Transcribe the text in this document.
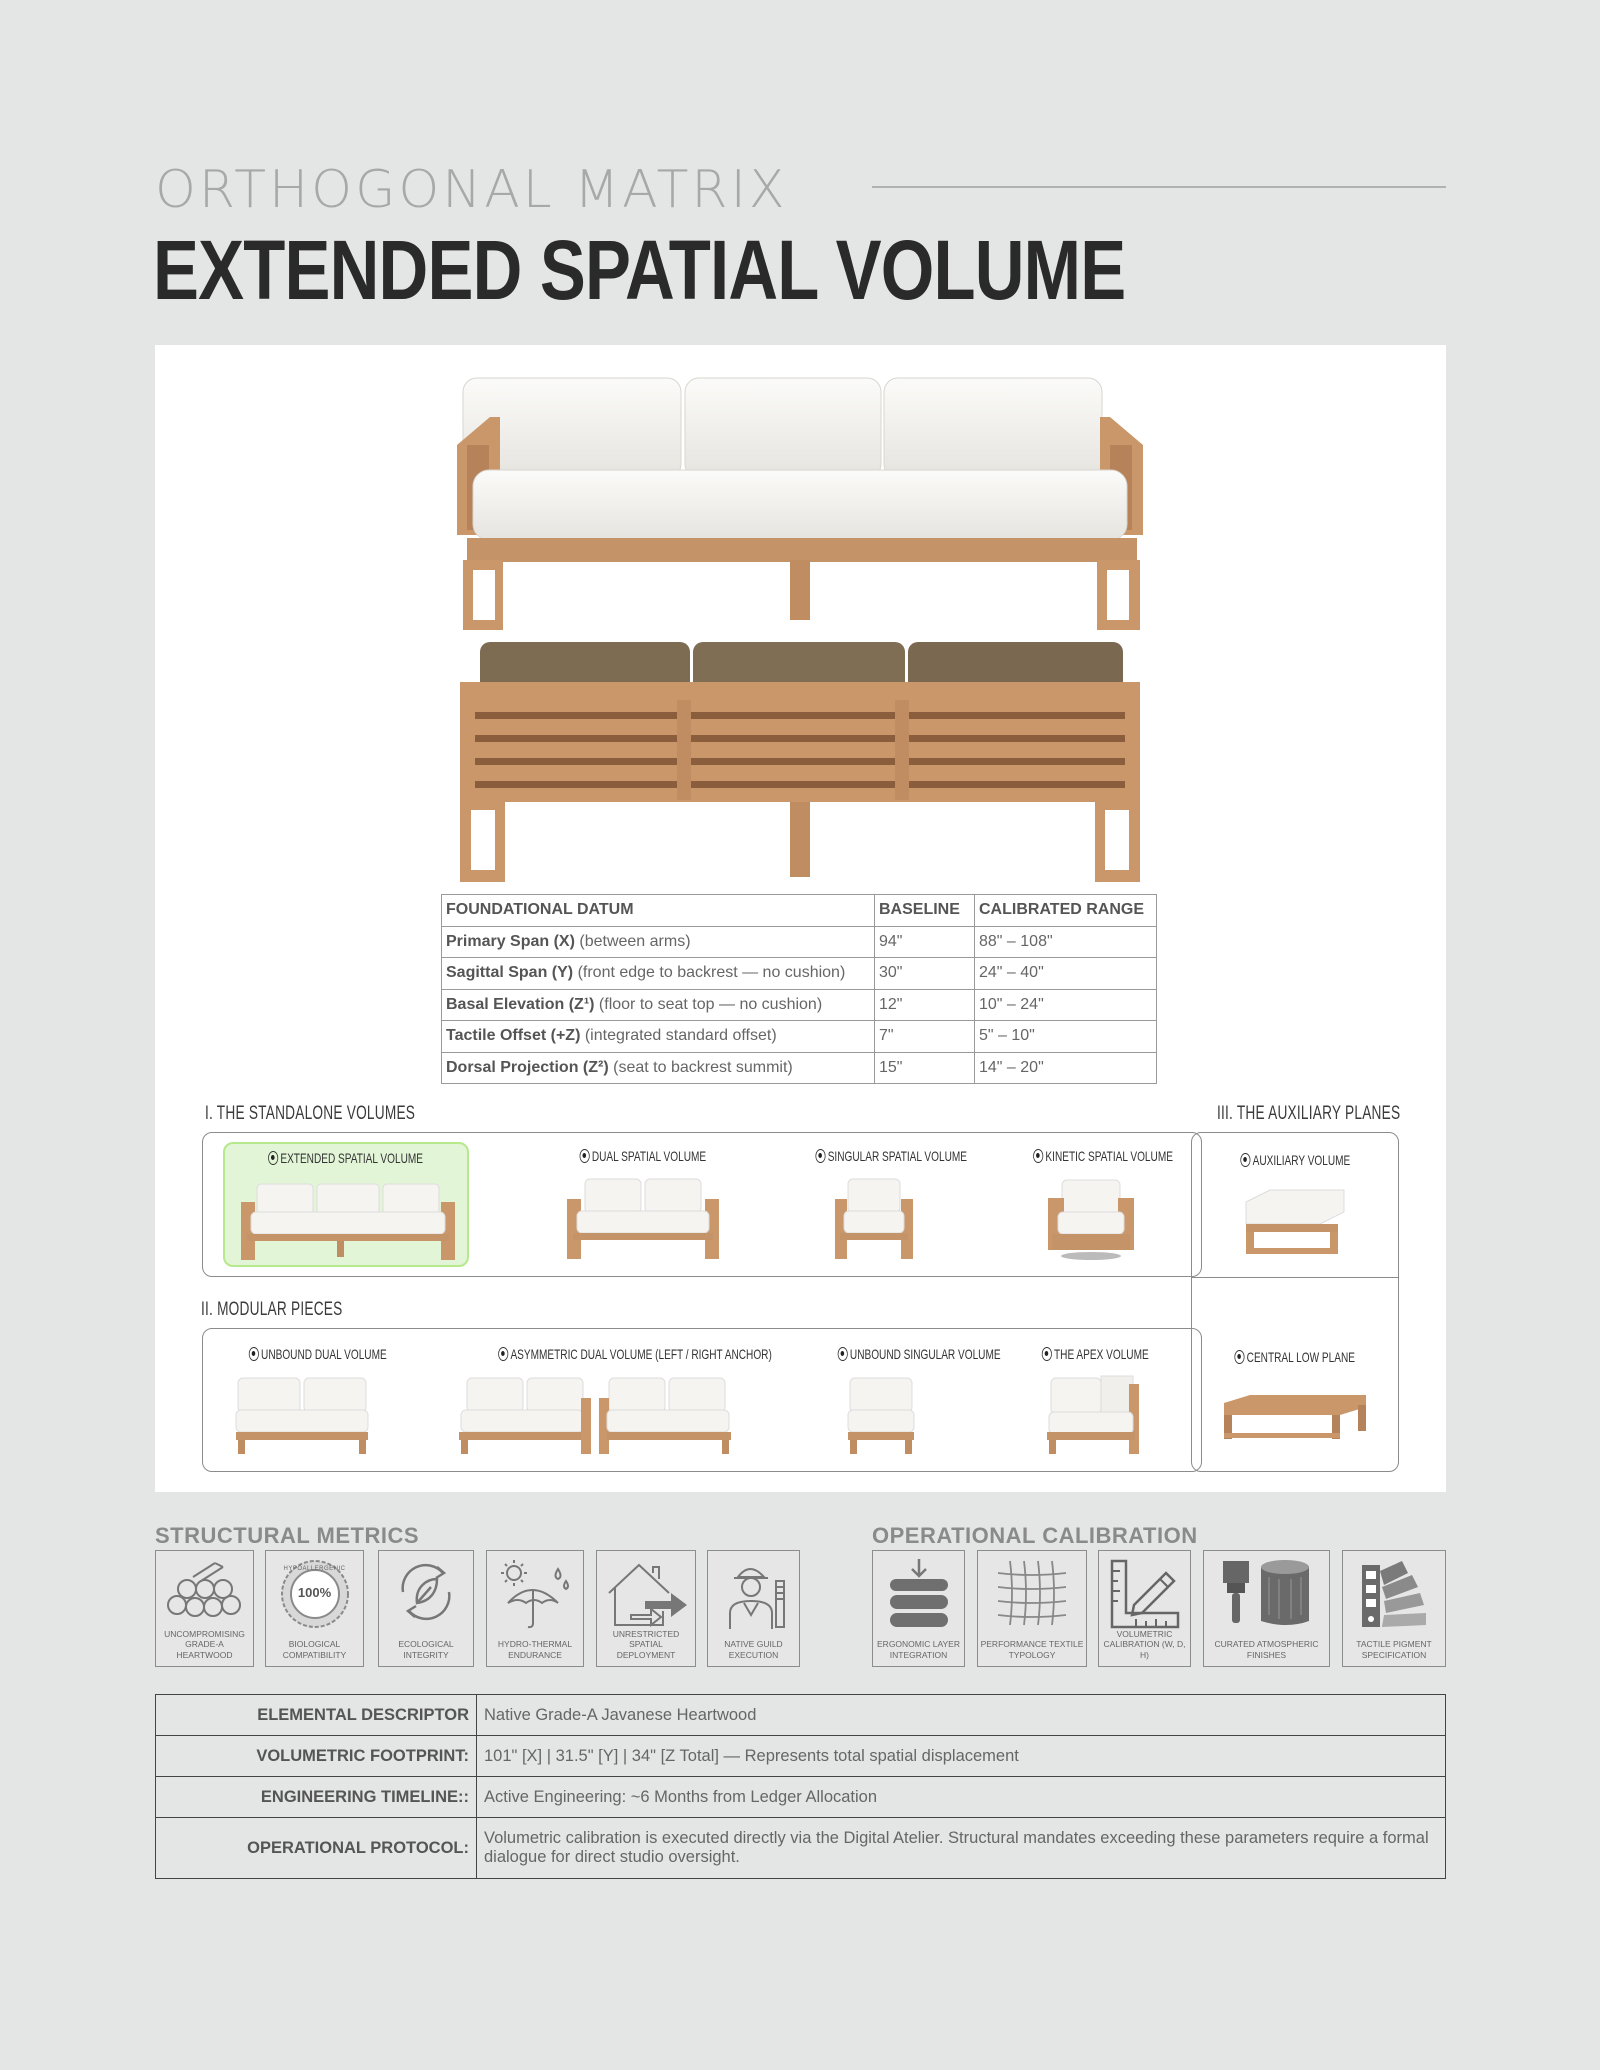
ORTHOGONAL MATRIX
EXTENDED SPATIAL VOLUME
FOUNDATIONAL DATUM	BASELINE	CALIBRATED RANGE
Primary Span (X) (between arms)	94"	88" – 108"
Sagittal Span (Y) (front edge to backrest — no cushion)	30"	24" – 40"
Basal Elevation (Z¹) (floor to seat top — no cushion)	12"	10" – 24"
Tactile Offset (+Z) (integrated standard offset)	7"	5" – 10"
Dorsal Projection (Z²) (seat to backrest summit)	15"	14" – 20"
I. THE STANDALONE VOLUMES	III. THE AUXILIARY PLANES
II. MODULAR PIECES
EXTENDED SPATIAL VOLUME	DUAL SPATIAL VOLUME	SINGULAR SPATIAL VOLUME	KINETIC SPATIAL VOLUME	AUXILIARY VOLUME
CENTRAL LOW PLANE
UNBOUND DUAL VOLUME	ASYMMETRIC DUAL VOLUME (LEFT / RIGHT ANCHOR)	UNBOUND SINGULAR VOLUME	THE APEX VOLUME
STRUCTURAL METRICS	OPERATIONAL CALIBRATION
UNCOMPROMISING GRADE-A HEARTWOOD
100%
HYPOALLERGENIC
BIOLOGICAL COMPATIBILITY
ECOLOGICAL INTEGRITY
HYDRO-THERMAL ENDURANCE
UNRESTRICTED SPATIAL DEPLOYMENT
NATIVE GUILD EXECUTION
ERGONOMIC LAYER INTEGRATION
PERFORMANCE TEXTILE TYPOLOGY
VOLUMETRIC CALIBRATION (W, D, H)
CURATED ATMOSPHERIC FINISHES
TACTILE PIGMENT SPECIFICATION
ELEMENTAL DESCRIPTOR	Native Grade-A Javanese Heartwood
VOLUMETRIC FOOTPRINT:	101" [X] | 31.5" [Y] | 34" [Z Total] — Represents total spatial displacement
ENGINEERING TIMELINE::	Active Engineering: ~6 Months from Ledger Allocation
OPERATIONAL PROTOCOL:	Volumetric calibration is executed directly via the Digital Atelier. Structural mandates exceeding these parameters require a formal dialogue for direct studio oversight.
